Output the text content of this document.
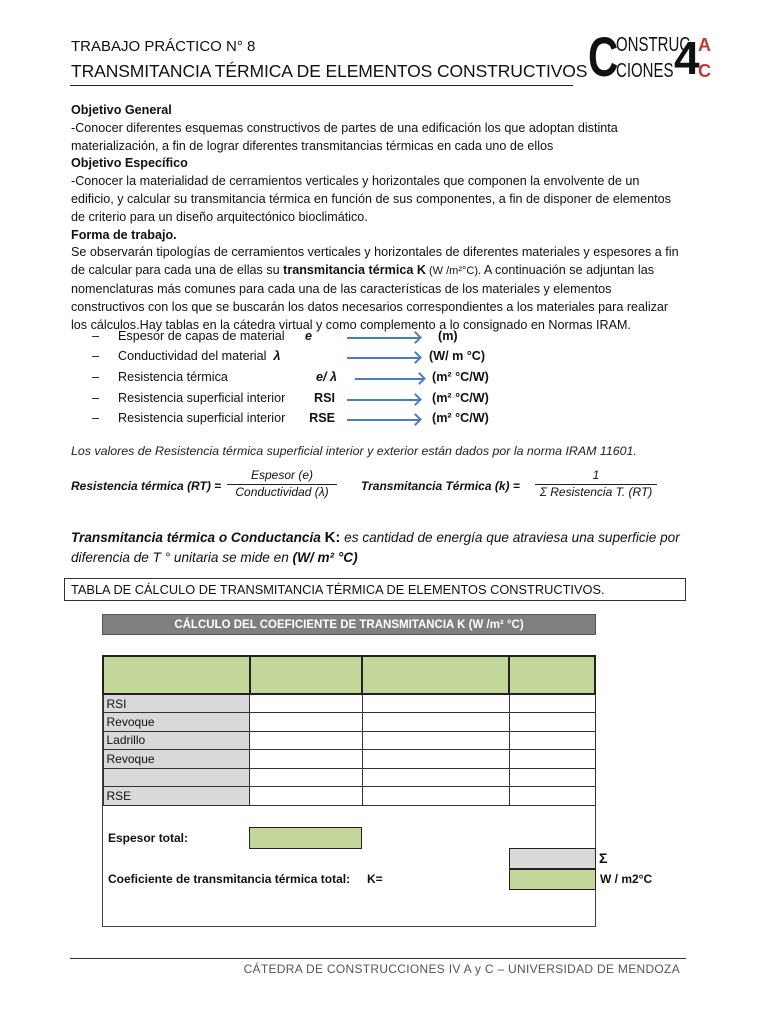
TRABAJO PRÁCTICO N° 8
TRANSMITANCIA TÉRMICA DE ELEMENTOS CONSTRUCTIVOS C
ONSTRUC
CIONES 4
A
C
Objetivo General
-Conocer diferentes esquemas constructivos de partes de una edificación los que adoptan distinta materialización, a fin de lograr diferentes transmitancias térmicas en cada uno de ellos
Objetivo Específico
-Conocer la materialidad de cerramientos verticales y horizontales que componen la envolvente de un edificio, y calcular su transmitancia térmica en función de sus componentes, a fin de disponer de elementos de criterio para un diseño arquitectónico bioclimático.
Forma de trabajo.
Se observarán tipologías de cerramientos verticales y horizontales de diferentes materiales y espesores a fin de calcular para cada una de ellas su transmitancia térmica K (W /m²°C). A continuación se adjuntan las nomenclaturas más comunes para cada una de las características de los materiales y elementos constructivos con los que se buscarán los datos necesarios correspondientes a los materiales para realizar los cálculos.Hay tablas en la cátedra virtual y como complemento a lo consignado en Normas IRAM.
– Espesor de capas de material	e	(m)
– Conductividad del material λ	(W/ m °C)
– Resistencia térmica	e/ λ	(m² °C/W)
– Resistencia superficial interior	RSI	(m² °C/W)
– Resistencia superficial interior	RSE	(m² °C/W)
Los valores de Resistencia térmica superficial interior y exterior están dados por la norma IRAM 11601.
Resistencia térmica (RT) =
Espesor (e)
Conductividad (λ)	Transmitancia Térmica (k) =
1
Σ Resistencia T. (RT)
Transmitancia térmica o Conductancia K: es cantidad de energía que atraviesa una superficie por diferencia de T ° unitaria se mide en (W/ m² °C)
TABLA DE CÁLCULO DE TRANSMITANCIA TÉRMICA DE ELEMENTOS CONSTRUCTIVOS.
CÁLCULO DEL COEFICIENTE DE TRANSMITANCIA K (W /m² °C)

RSI			
Revoque			
Ladrillo			
Revoque			

RSE			
Espesor total:
Σ
Coeficiente de transmitancia térmica total: K=	W / m2°C
CÁTEDRA DE CONSTRUCCIONES IV A y C – UNIVERSIDAD DE MENDOZA
